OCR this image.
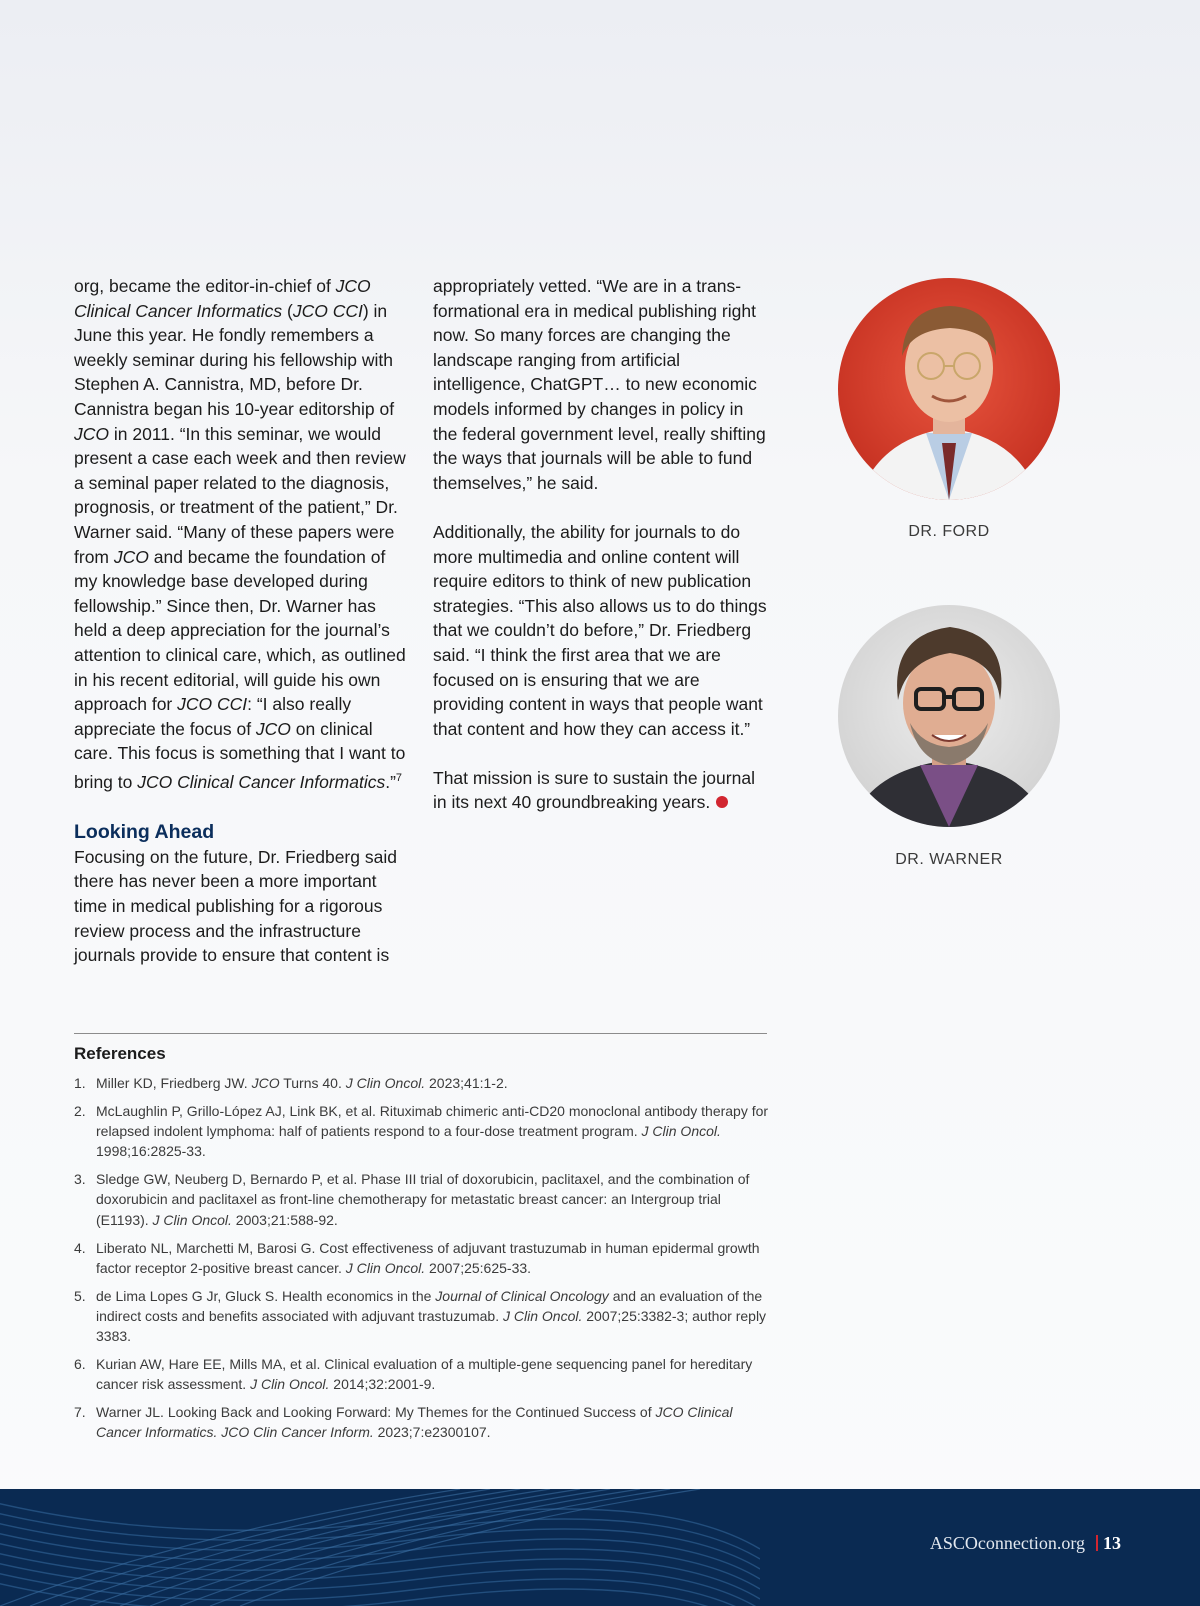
org, became the editor-in-chief of JCO Clinical Cancer Informatics (JCO CCI) in June this year. He fondly remembers a weekly seminar during his fellowship with Stephen A. Cannistra, MD, before Dr. Cannistra began his 10-year editorship of JCO in 2011. “In this seminar, we would present a case each week and then review a seminal paper related to the diagnosis, prognosis, or treatment of the patient,” Dr. Warner said. “Many of these papers were from JCO and became the foundation of my knowledge base developed during fellowship.” Since then, Dr. Warner has held a deep appreciation for the journal’s attention to clinical care, which, as outlined in his recent editorial, will guide his own approach for JCO CCI: “I also really appreciate the focus of JCO on clinical care. This focus is something that I want to bring to JCO Clinical Cancer Informatics.”$^7$

Looking Ahead

Focusing on the future, Dr. Friedberg said there has never been a more important time in medical publishing for a rigorous review process and the infrastructure journals provide to ensure that content is

appropriately vetted. “We are in a transformational era in medical publishing right now. So many forces are changing the landscape ranging from artificial intelligence, ChatGPT… to new economic models informed by changes in policy in the federal government level, really shifting the ways that journals will be able to fund themselves,” he said.

Additionally, the ability for journals to do more multimedia and online content will require editors to think of new publication strategies. “This also allows us to do things that we couldn’t do before,” Dr. Friedberg said. “I think the first area that we are focused on is ensuring that we are providing content in ways that people want that content and how they can access it.”

That mission is sure to sustain the journal in its next 40 groundbreaking years.

DR. FORD
DR. WARNER
References
1. Miller KD, Friedberg JW. JCO Turns 40. J Clin Oncol. 2023;41:1-2.
2. McLaughlin P, Grillo-López AJ, Link BK, et al. Rituximab chimeric anti-CD20 monoclonal antibody therapy for relapsed indolent lymphoma: half of patients respond to a four-dose treatment program. J Clin Oncol. 1998;16:2825-33.
3. Sledge GW, Neuberg D, Bernardo P, et al. Phase III trial of doxorubicin, paclitaxel, and the combination of doxorubicin and paclitaxel as front-line chemotherapy for metastatic breast cancer: an Intergroup trial (E1193). J Clin Oncol. 2003;21:588-92.
4. Liberato NL, Marchetti M, Barosi G. Cost effectiveness of adjuvant trastuzumab in human epidermal growth factor receptor 2-positive breast cancer. J Clin Oncol. 2007;25:625-33.
5. de Lima Lopes G Jr, Gluck S. Health economics in the Journal of Clinical Oncology and an evaluation of the indirect costs and benefits associated with adjuvant trastuzumab. J Clin Oncol. 2007;25:3382-3; author reply 3383.
6. Kurian AW, Hare EE, Mills MA, et al. Clinical evaluation of a multiple-gene sequencing panel for hereditary cancer risk assessment. J Clin Oncol. 2014;32:2001-9.
7. Warner JL. Looking Back and Looking Forward: My Themes for the Continued Success of JCO Clinical Cancer Informatics. JCO Clin Cancer Inform. 2023;7:e2300107.
ASCOconnection.org 13
